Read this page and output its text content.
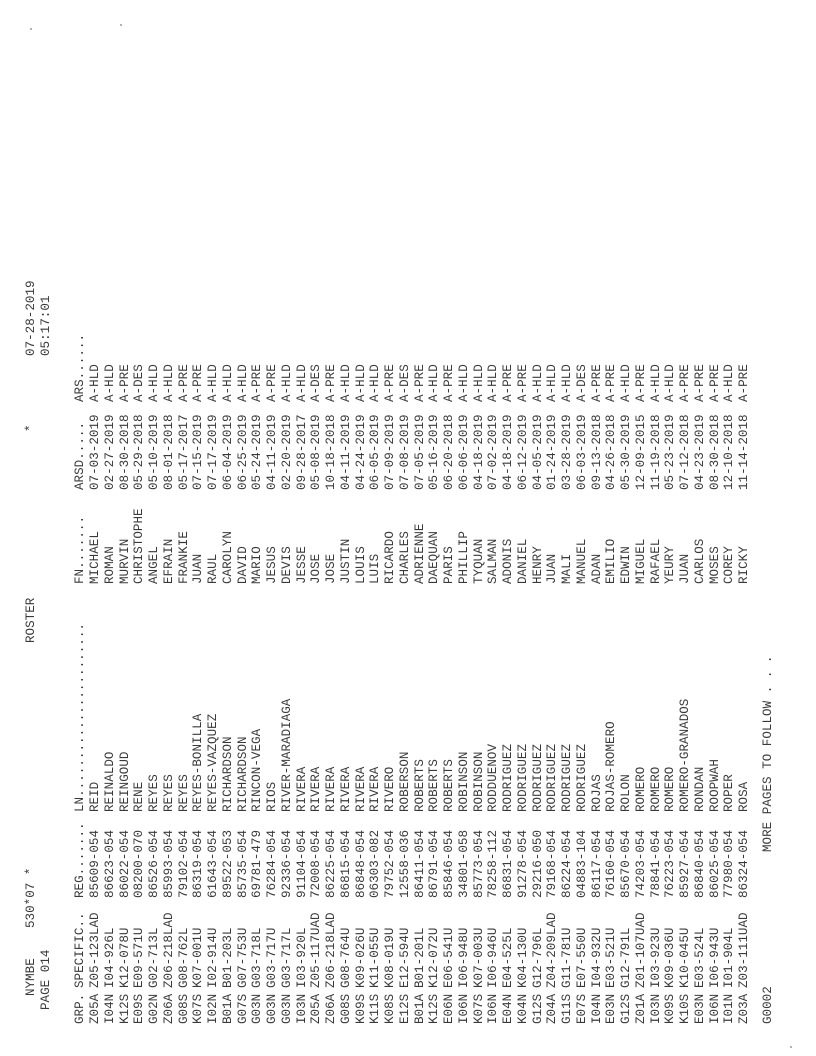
NYMBE
530*07 *
PAGE 014
ROSTER
*
07-28-2019 05:17:01

GRP.

SPECIFIC..

REG.......

LN.......................

FN.......

ARSD.....

ARS......

Z05A
Z05-123LAD
85609-054
REID
MICHAEL
07-03-2019
A-HLD
I04N
I04-926L
86623-054
REINALDO
ROMAN
02-27-2019
A-HLD
K12S
K12-078U
86022-054
REINGOUD
MURVIN
08-30-2018
A-PRE
E09S
E09-571U
08200-070
RENE
CHRISTOPHE
05-29-2018
A-DES
G02N
G02-713L
86526-054
REYES
ANGEL
05-10-2019
A-HLD
Z06A
Z06-218LAD
85993-054
REYES
EFRAIN
08-01-2018
A-HLD
G08S
G08-762L
79102-054
REYES
FRANKIE
05-17-2017
A-PRE
K07S
K07-001U
86319-054
REYES-BONILLA
JUAN
07-15-2019
A-PRE
I02N
I02-914U
61643-054
REYES-VAZQUEZ
RAUL
07-17-2019
A-HLD
B01A
B01-203L
89522-053
RICHARDSON
CAROLYN
06-04-2019
A-HLD
G07S
G07-753U
85735-054
RICHARDSON
DAVID
06-25-2019
A-HLD
G03N
G03-718L
69781-479
RINCON-VEGA
MARIO
05-24-2019
A-PRE
G03N
G03-717U
76284-054
RIOS
JESUS
04-11-2019
A-PRE
G03N
G03-717L
92336-054
RIVER-MARADIAGA
DEVIS
02-20-2019
A-HLD
I03N
I03-920L
91104-054
RIVERA
JESSE
09-28-2017
A-HLD
Z05A
Z05-117UAD
72008-054
RIVERA
JOSE
05-08-2019
A-DES
Z06A
Z06-218LAD
86225-054
RIVERA
JOSE
10-18-2018
A-PRE
G08S
G08-764U
86815-054
RIVERA
JUSTIN
04-11-2019
A-HLD
K09S
K09-026U
86848-054
RIVERA
LOUIS
04-24-2019
A-HLD
K11S
K11-055U
06303-082
RIVERA
LUIS
06-05-2019
A-HLD
K08S
K08-019U
79752-054
RIVERO
RICARDO
07-09-2019
A-PRE
E12S
E12-594U
12558-036
ROBERSON
CHARLES
07-08-2019
A-DES
B01A
B01-201L
86411-054
ROBERTS
ADRIENNE
07-05-2019
A-PRE
K12S
K12-072U
86791-054
ROBERTS
DAEQUAN
05-16-2019
A-HLD
E06N
E06-541U
85846-054
ROBERTS
PARIS
06-20-2018
A-PRE
I06N
I06-948U
34801-058
ROBINSON
PHILLIP
06-06-2019
A-HLD
K07S
K07-003U
85773-054
ROBINSON
TYQUAN
04-18-2019
A-HLD
I06N
I06-946U
78258-112
RODDUENOV
SALMAN
07-02-2019
A-HLD
E04N
E04-525L
86831-054
RODRIGUEZ
ADONIS
04-18-2019
A-PRE
K04N
K04-130U
91278-054
RODRIGUEZ
DANIEL
06-12-2019
A-PRE
G12S
G12-796L
29216-050
RODRIGUEZ
HENRY
04-05-2019
A-HLD
Z04A
Z04-209LAD
79168-054
RODRIGUEZ
JUAN
01-24-2019
A-HLD
G11S
G11-781U
86224-054
RODRIGUEZ
MALI
03-28-2019
A-HLD
E07S
E07-550U
04883-104
RODRIGUEZ
MANUEL
06-03-2019
A-DES
I04N
I04-932U
86117-054
ROJAS
ADAN
09-13-2018
A-PRE
E03N
E03-521U
76160-054
ROJAS-ROMERO
EMILIO
04-26-2018
A-PRE
G12S
G12-791L
85670-054
ROLON
EDWIN
05-30-2019
A-HLD
Z01A
Z01-107UAD
74203-054
ROMERO
MIGUEL
12-09-2015
A-PRE
I03N
I03-923U
78841-054
ROMERO
RAFAEL
11-19-2018
A-HLD
K09S
K09-036U
76223-054
ROMERO
YEURY
05-23-2019
A-HLD
K10S
K10-045U
85927-054
ROMERO-GRANADOS
JUAN
07-12-2018
A-PRE
E03N
E03-524L
86840-054
RONDAN
CARLOS
04-23-2019
A-PRE
I06N
I06-943U
86025-054
ROOPWAH
MOSES
08-30-2018
A-PRE
I01N
I01-904L
77980-054
ROPER
COREY
12-10-2018
A-HLD
Z03A
Z03-111UAD
86324-054
ROSA
RICKY
11-14-2018
A-PRE
G0002
MORE PAGES TO FOLLOW . . .
